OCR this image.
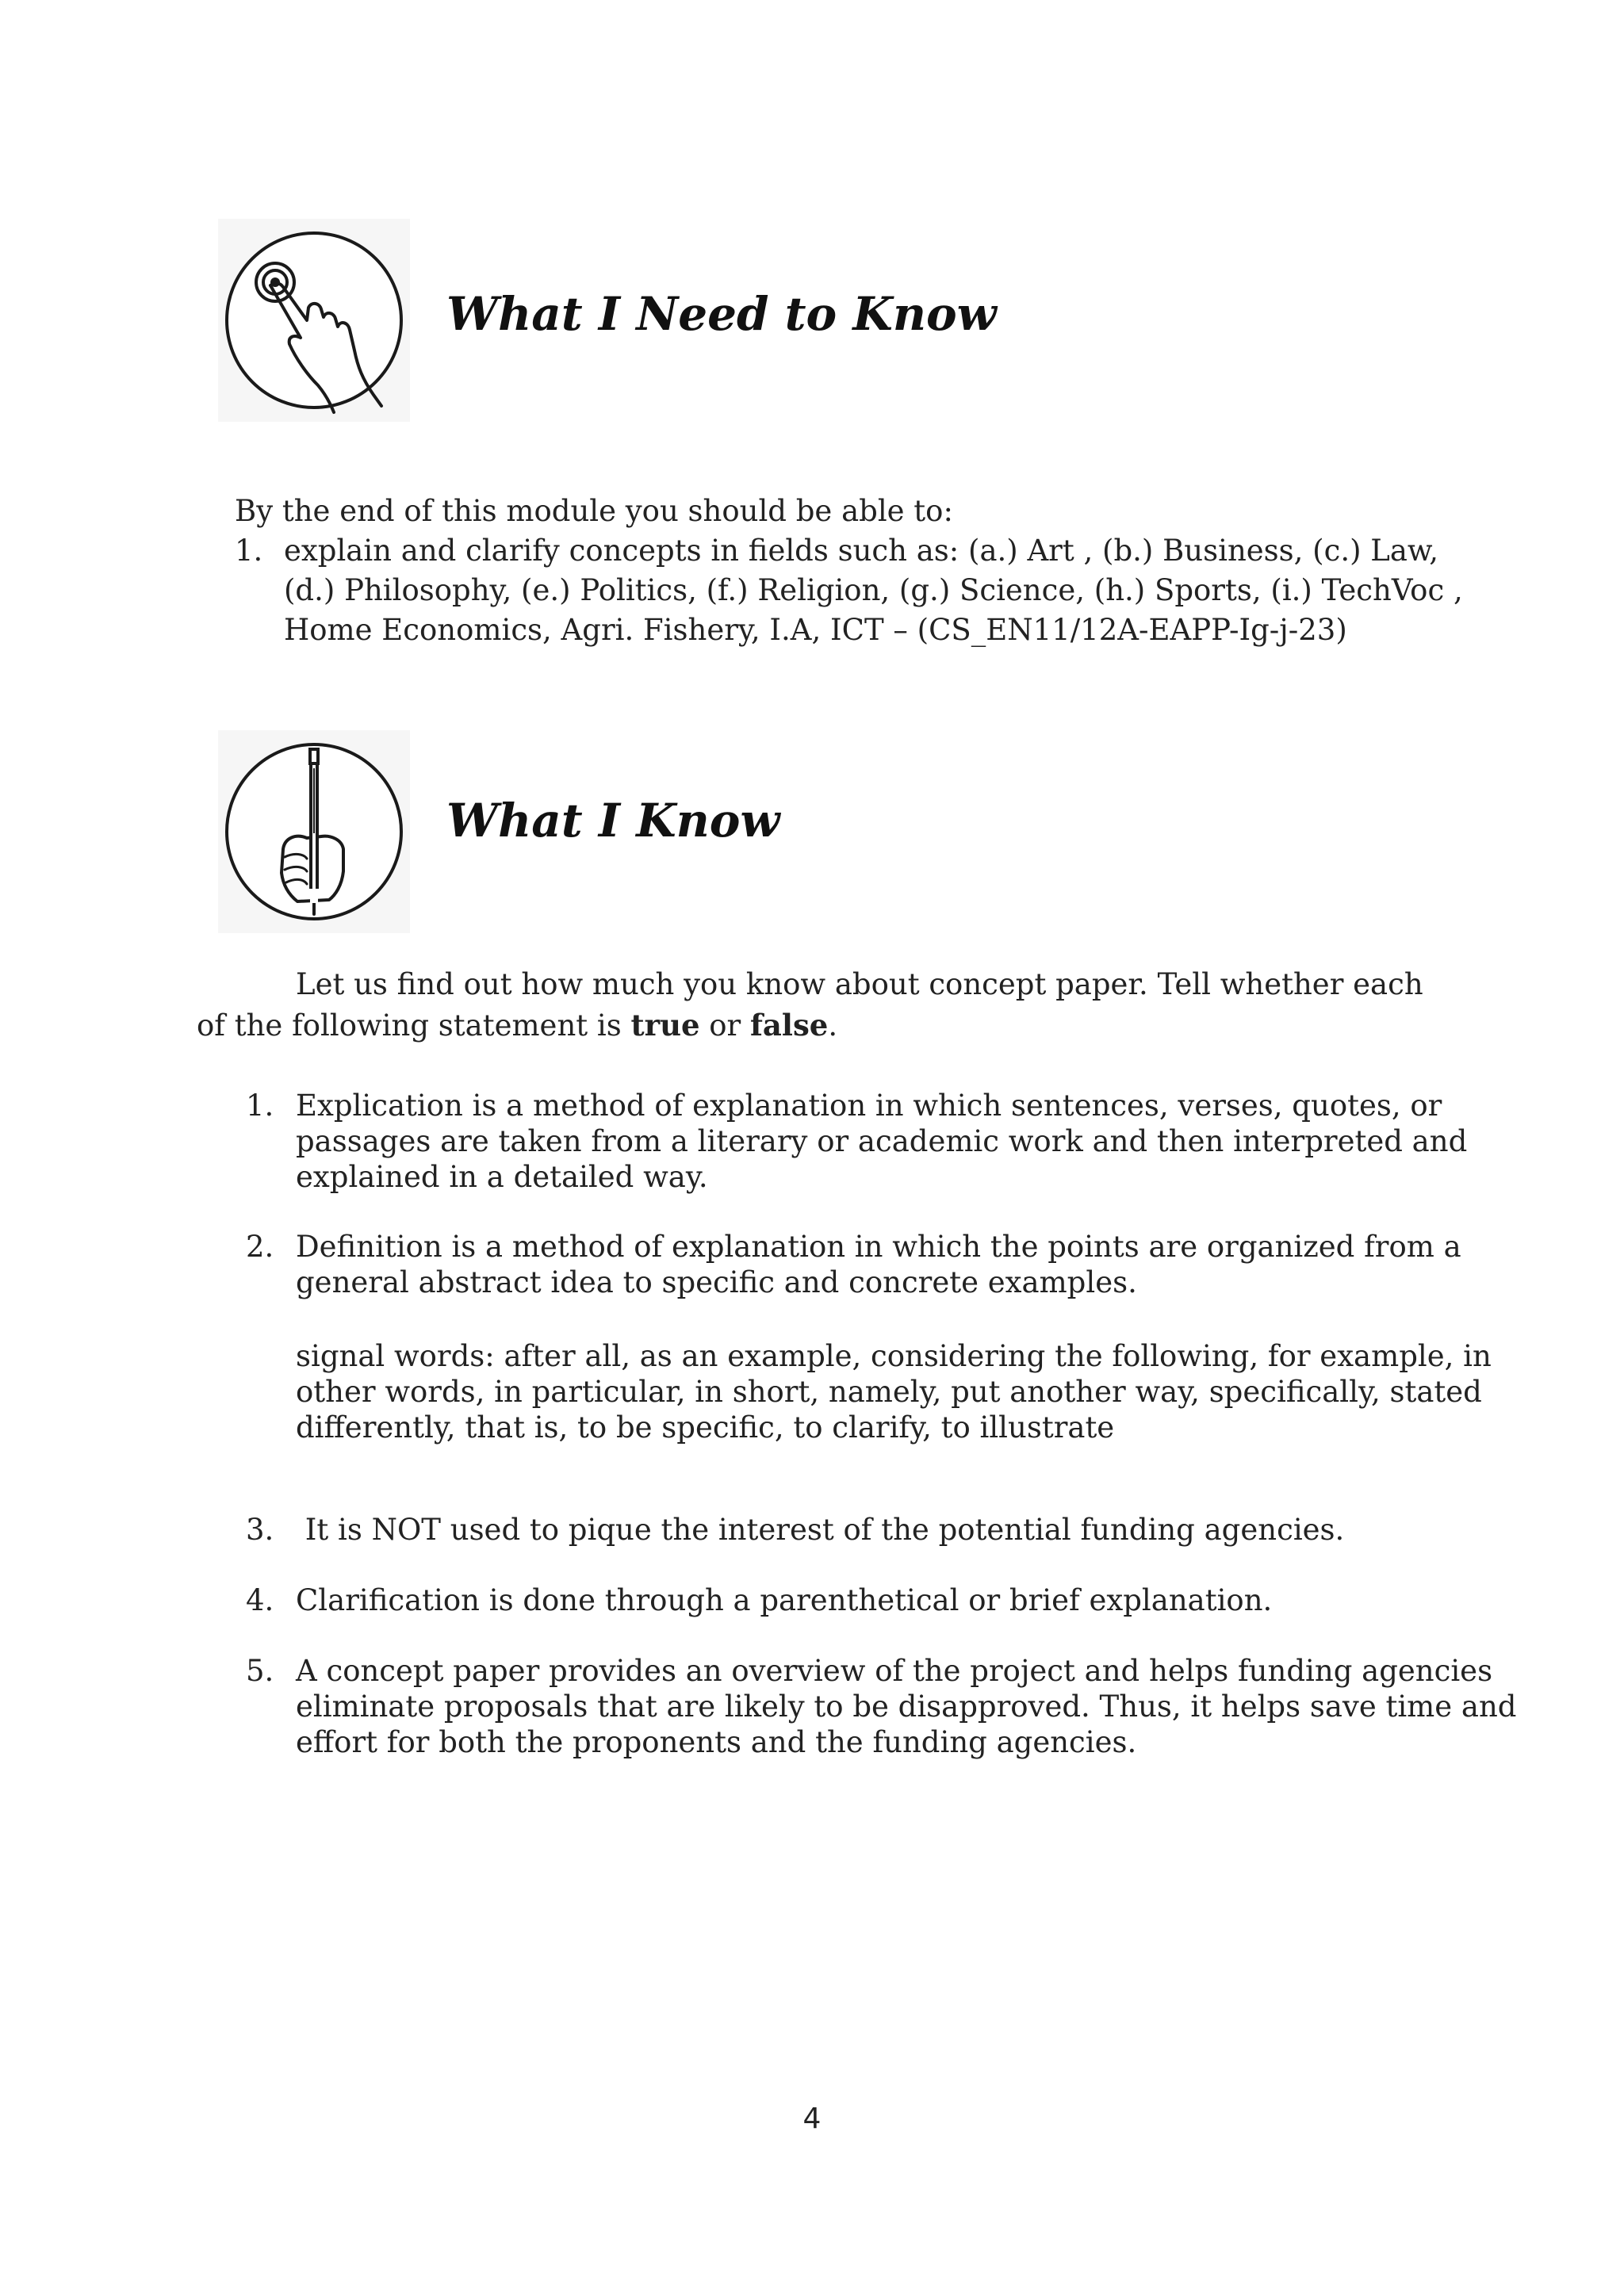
What I Need to Know
By the end of this module you should be able to:
1. explain and clarify concepts in fields such as: (a.) Art , (b.) Business, (c.) Law,
(d.) Philosophy, (e.) Politics, (f.) Religion, (g.) Science, (h.) Sports, (i.) TechVoc ,
Home Economics, Agri. Fishery, I.A, ICT – (CS_EN11/12A-EAPP-Ig-j-23)
What I Know
Let us find out how much you know about concept paper. Tell whether each
of the following statement is true or false.
1. Explication is a method of explanation in which sentences, verses, quotes, or passages are taken from a literary or academic work and then interpreted and explained in a detailed way.
2. Definition is a method of explanation in which the points are organized from a general abstract idea to specific and concrete examples.
signal words: after all, as an example, considering the following, for example, in other words, in particular, in short, namely, put another way, specifically, stated differently, that is, to be specific, to clarify, to illustrate
3. It is NOT used to pique the interest of the potential funding agencies.
4. Clarification is done through a parenthetical or brief explanation.
5. A concept paper provides an overview of the project and helps funding agencies eliminate proposals that are likely to be disapproved. Thus, it helps save time and effort for both the proponents and the funding agencies.
4
